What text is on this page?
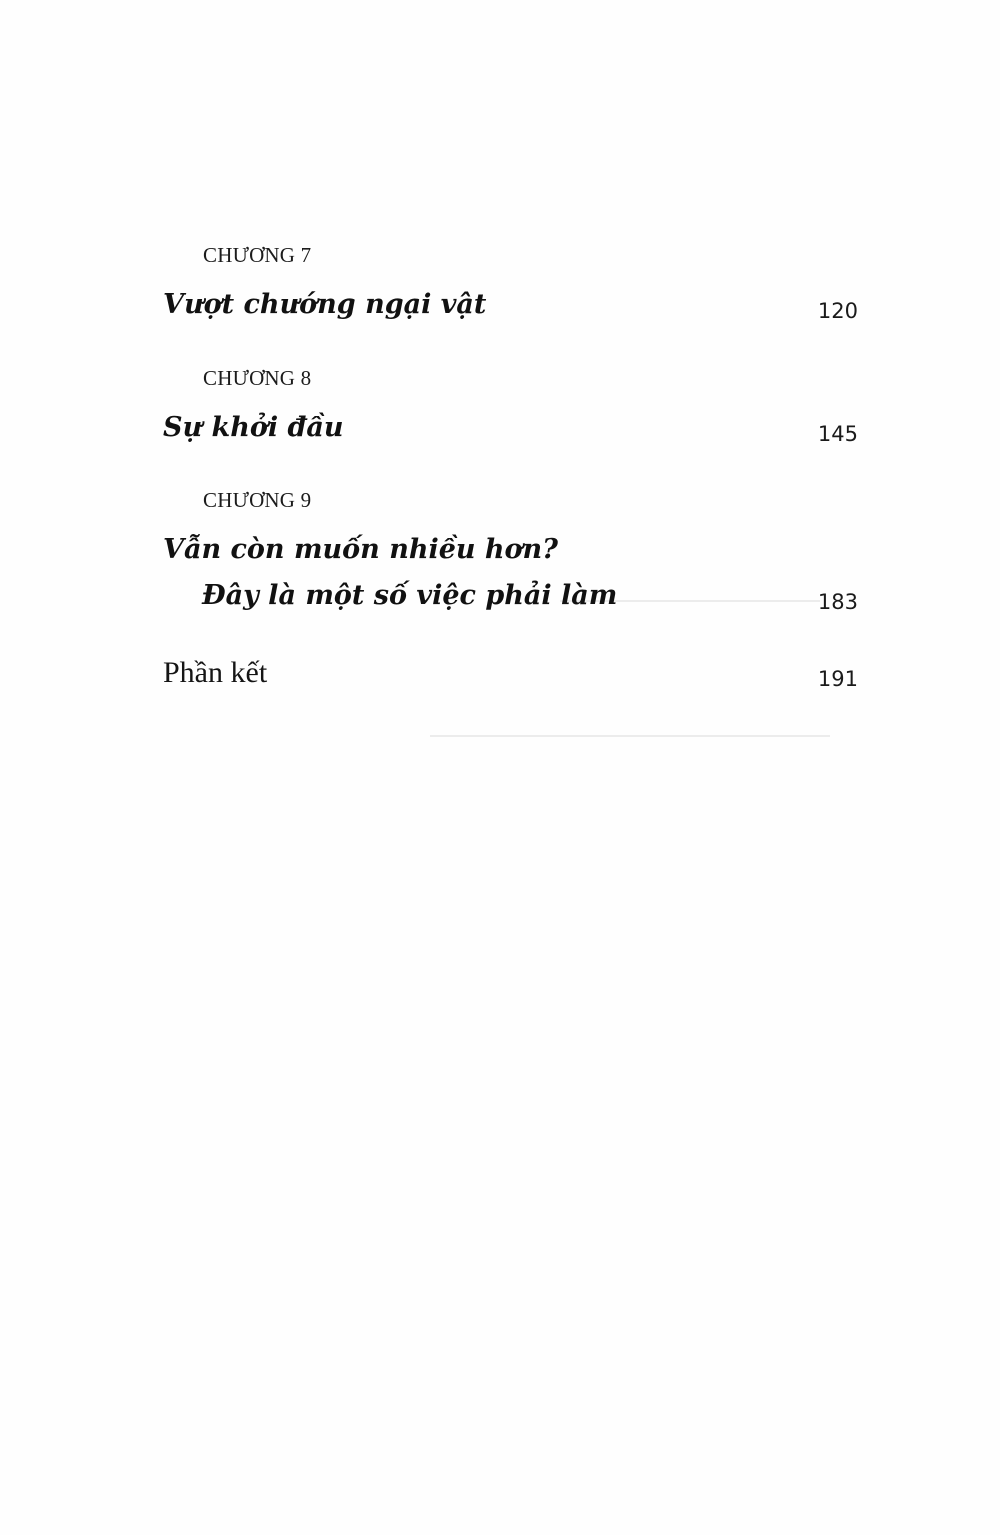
CHƯƠNG 7
Vượt chướng ngại vật	120
CHƯƠNG 8
Sự khởi đầu	145
CHƯƠNG 9
Vẫn còn muốn nhiều hơn?
Đây là một số việc phải làm	183
Phần kết	191
